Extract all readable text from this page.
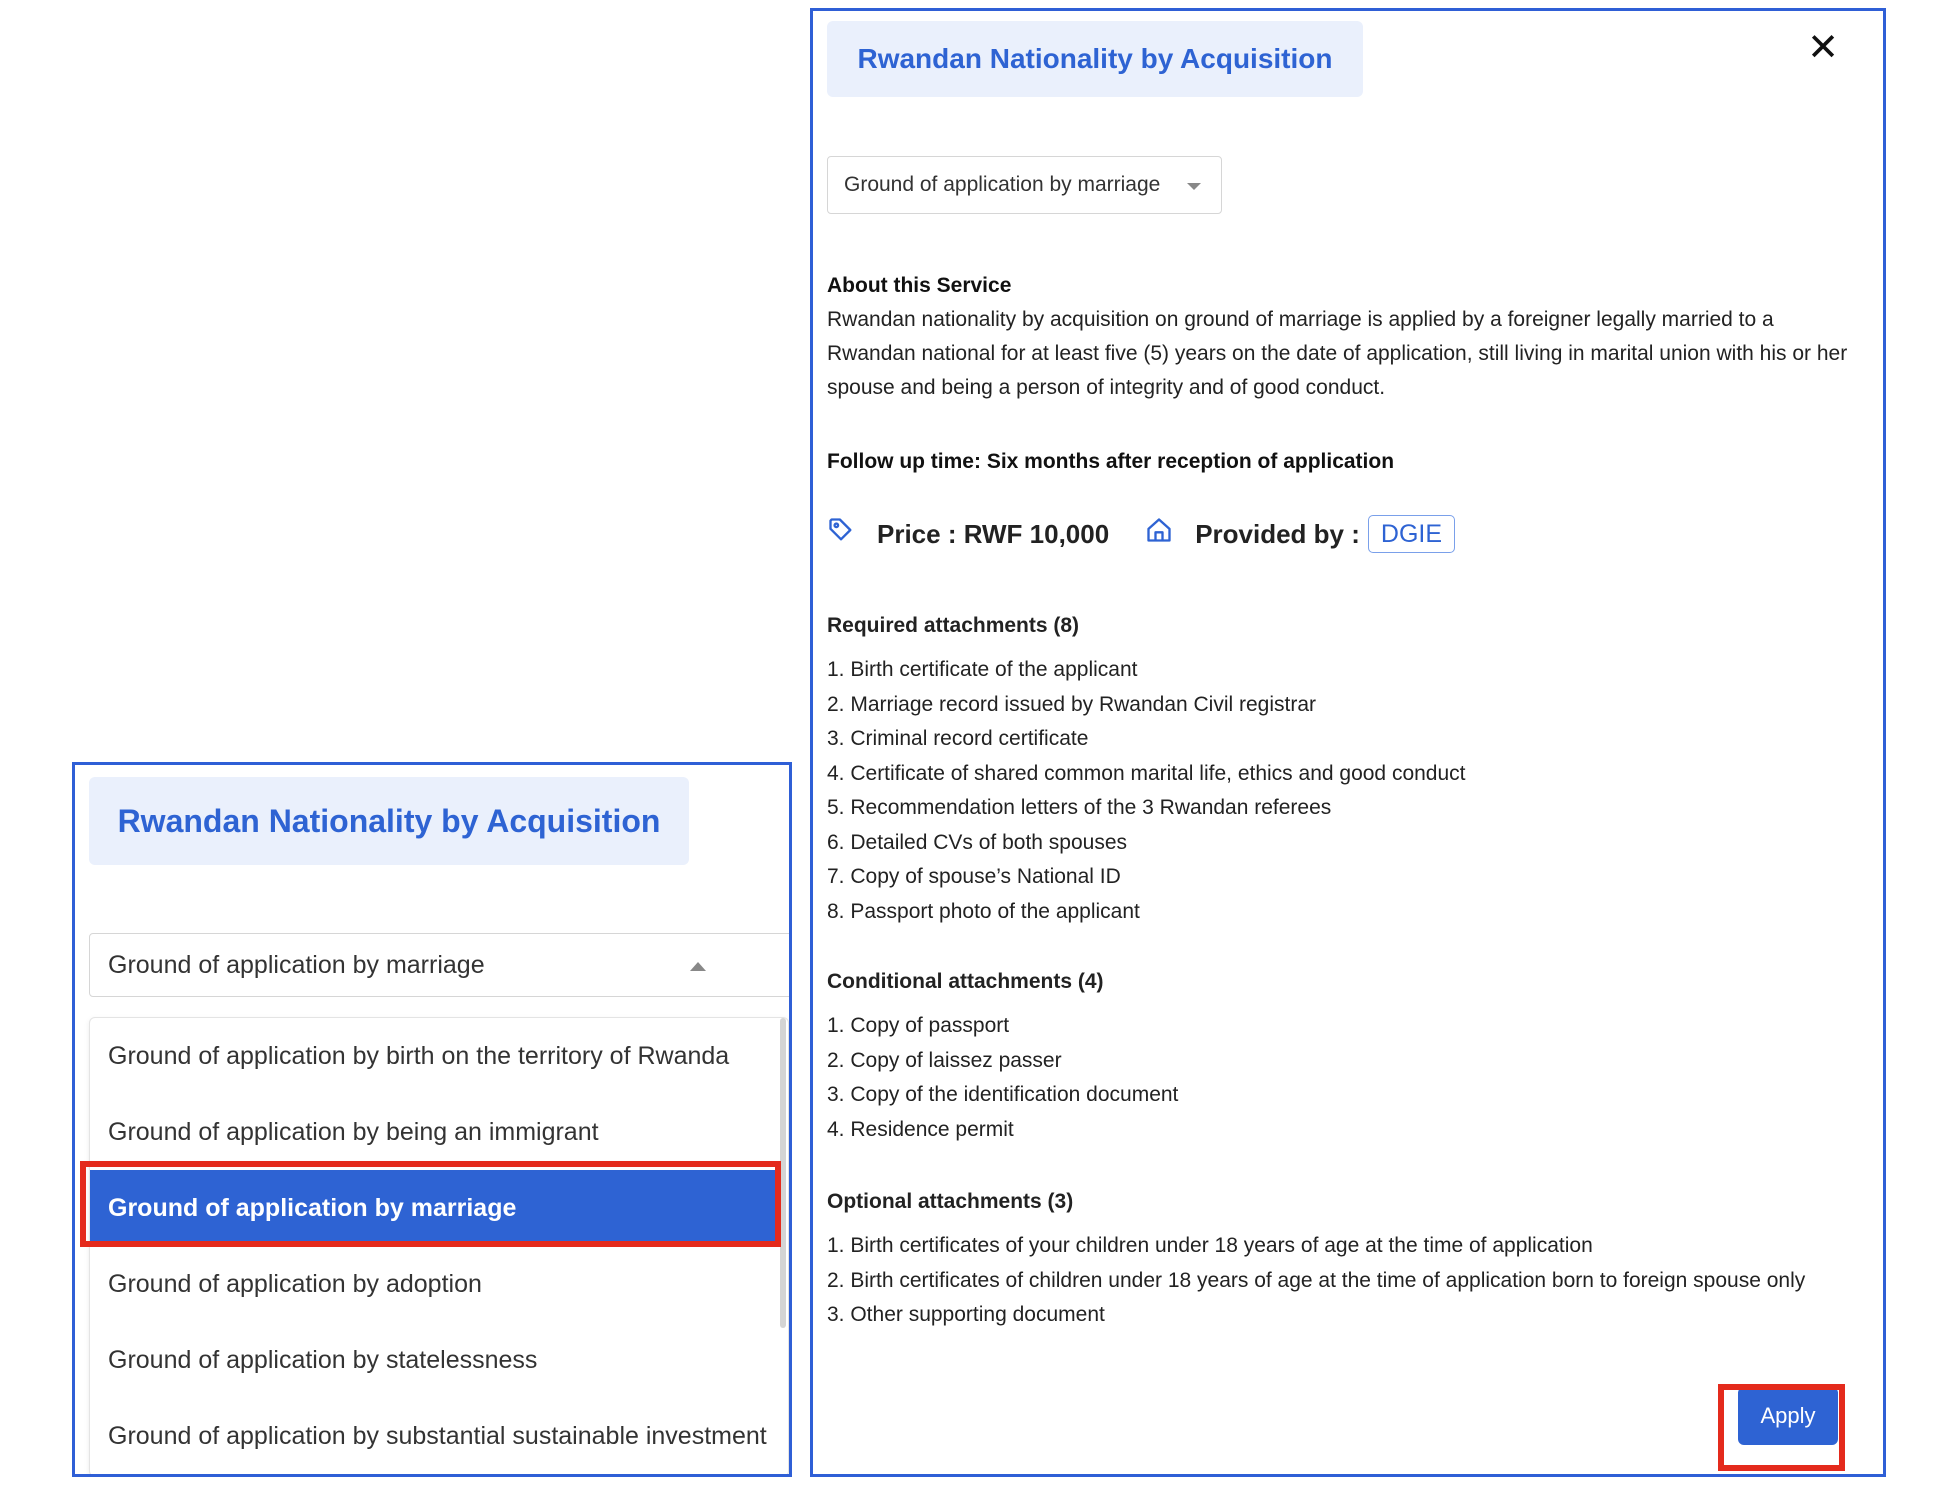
Rwandan Nationality by Acquisition
Ground of application by marriage
Ground of application by birth on the territory of Rwanda
Ground of application by being an immigrant
Ground of application by marriage
Ground of application by adoption
Ground of application by statelessness
Ground of application by substantial sustainable investment
Rwandan Nationality by Acquisition	✕
Ground of application by marriage
About this Service

Rwandan nationality by acquisition on ground of marriage is applied by a foreigner legally married to a Rwandan national for at least five (5) years on the date of application, still living in marital union with his or her spouse and being a person of integrity and of good conduct.

Follow up time: Six months after reception of application
Price : RWF 10,000	Provided by : DGIE
Required attachments (8)
1. Birth certificate of the applicant
2. Marriage record issued by Rwandan Civil registrar
3. Criminal record certificate
4. Certificate of shared common marital life, ethics and good conduct
5. Recommendation letters of the 3 Rwandan referees
6. Detailed CVs of both spouses
7. Copy of spouse’s National ID
8. Passport photo of the applicant
Conditional attachments (4)
1. Copy of passport
2. Copy of laissez passer
3. Copy of the identification document
4. Residence permit
Optional attachments (3)
1. Birth certificates of your children under 18 years of age at the time of application
2. Birth certificates of children under 18 years of age at the time of application born to foreign spouse only
3. Other supporting document
Apply
